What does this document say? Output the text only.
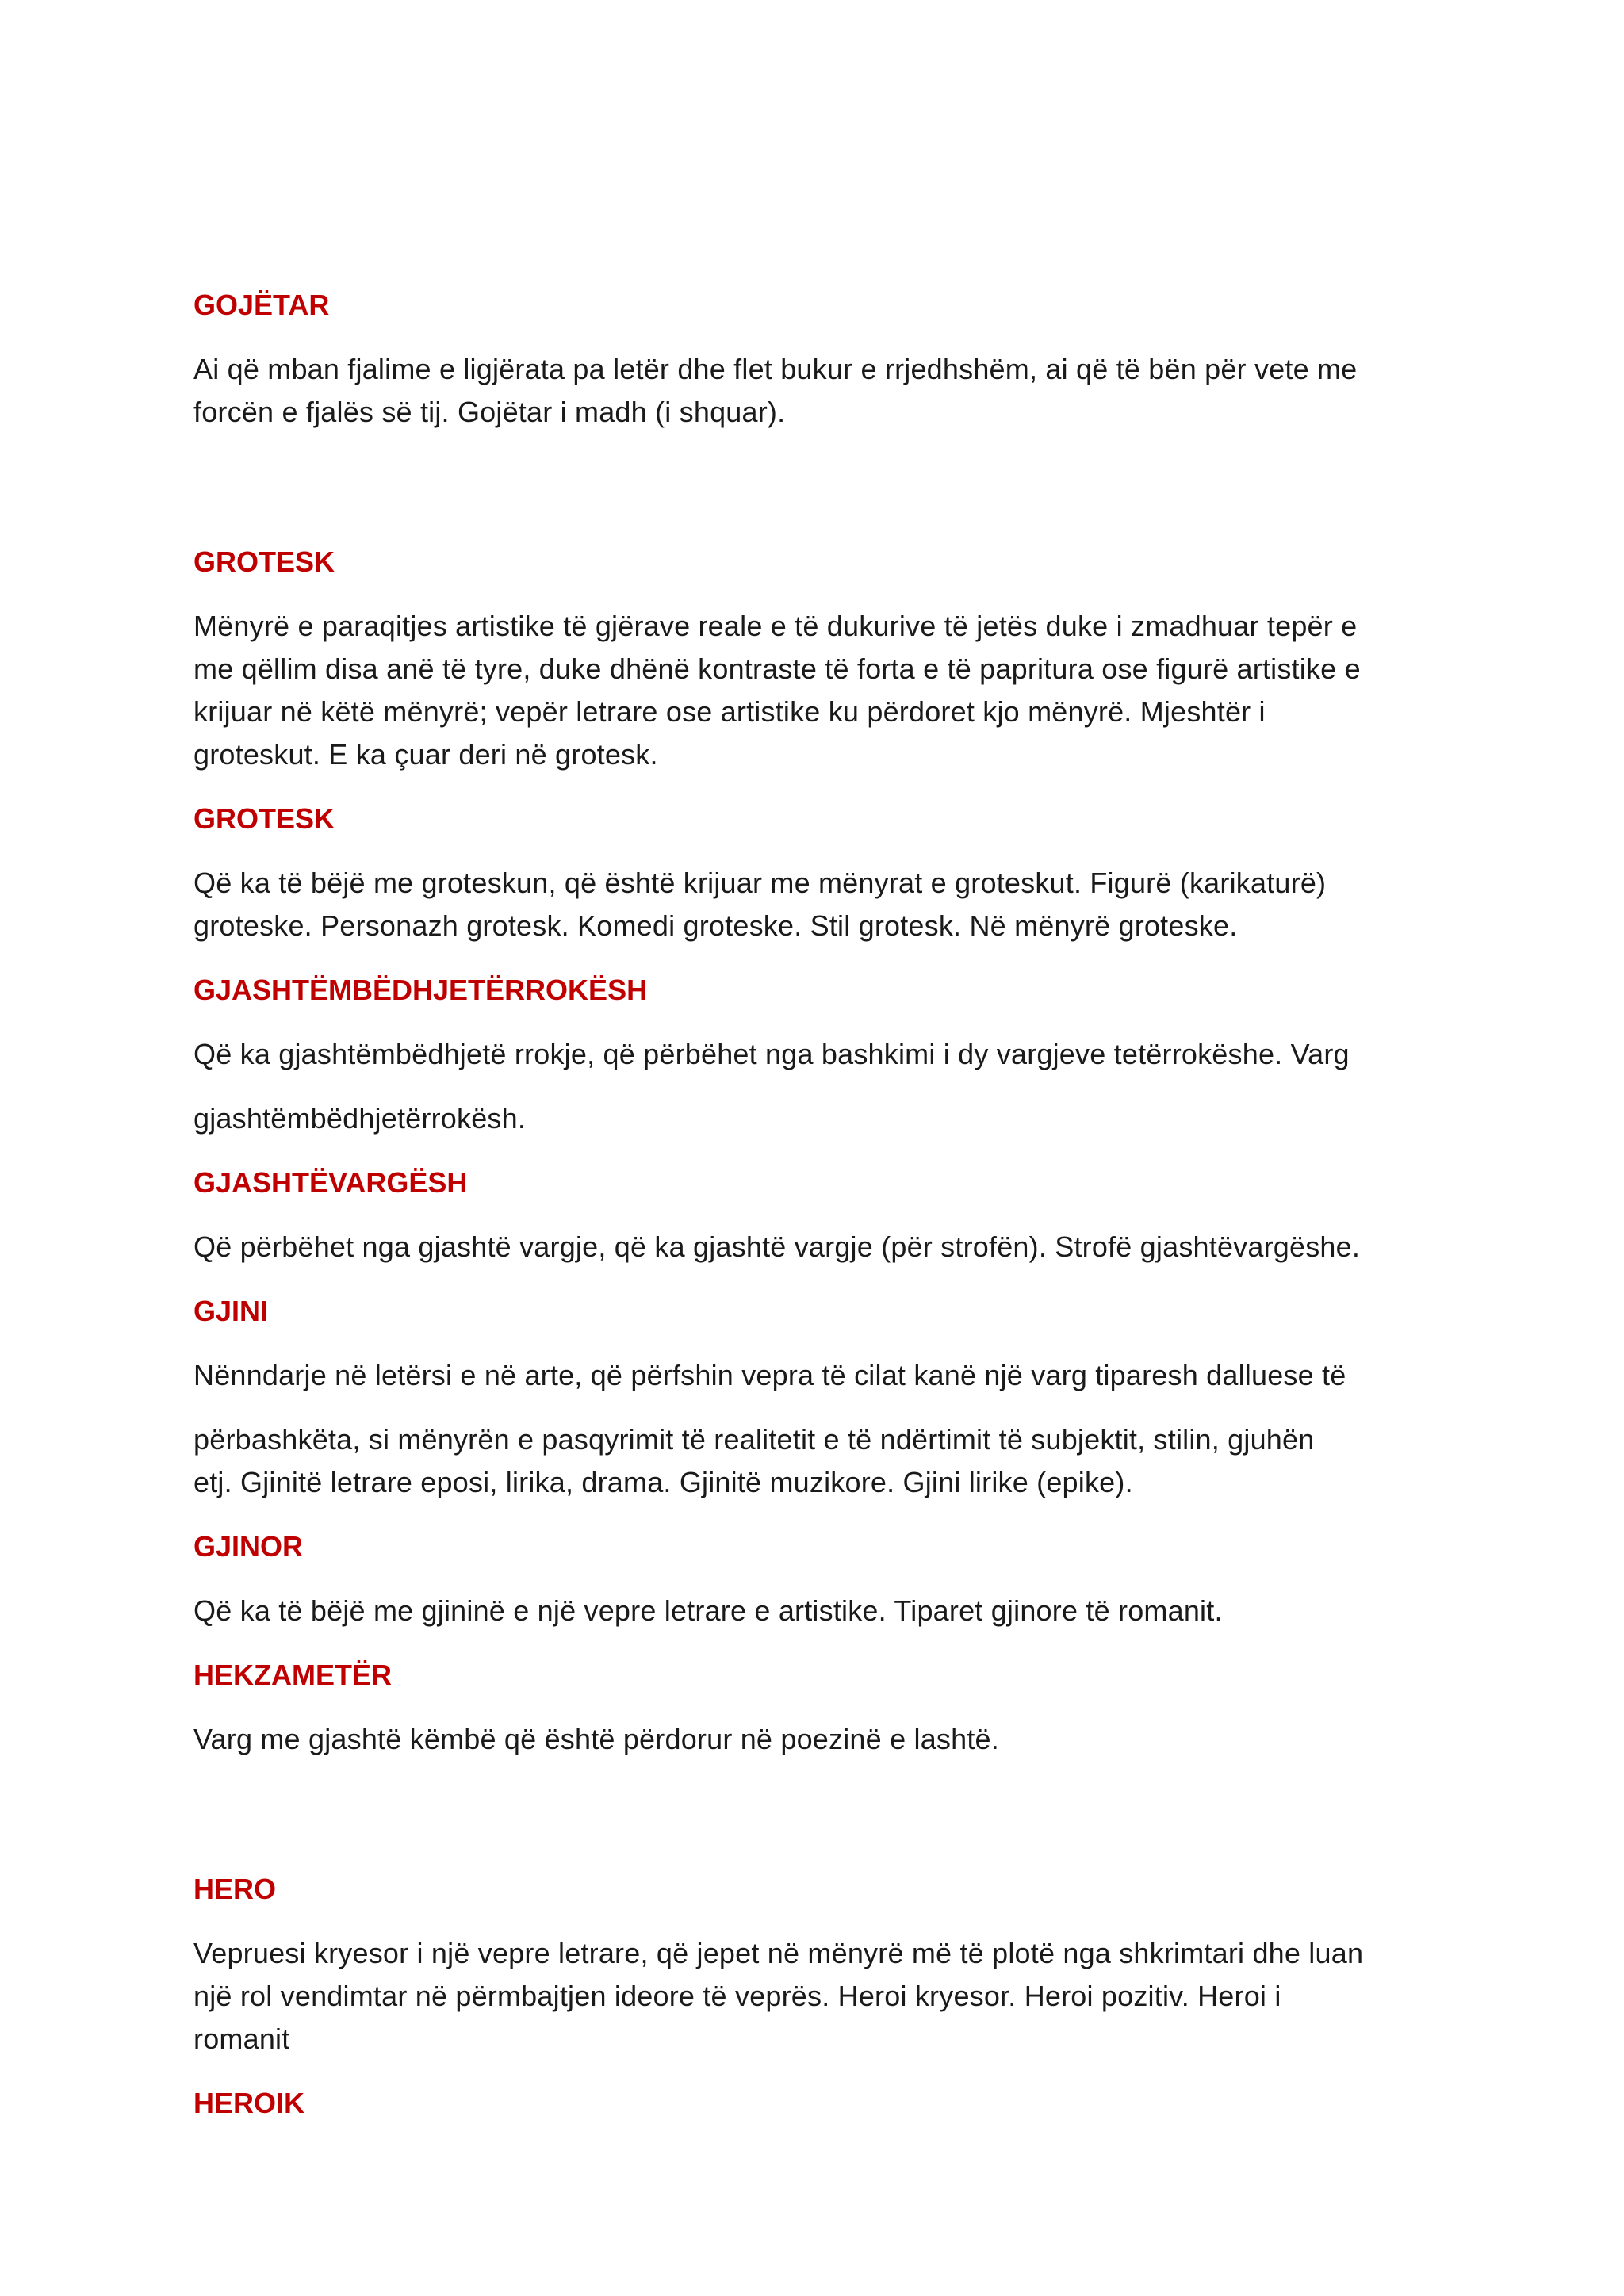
GOJËTAR

Ai që mban fjalime e ligjërata pa letër dhe flet bukur e rrjedhshëm, ai që të bën për vete me

forcën e fjalës së tij. Gojëtar i madh (i shquar).

GROTESK

Mënyrë e paraqitjes artistike të gjërave reale e të dukurive të jetës duke i zmadhuar tepër e

me qëllim disa anë të tyre, duke dhënë kontraste të forta e të papritura ose figurë artistike e

krijuar në këtë mënyrë; vepër letrare ose artistike ku përdoret kjo mënyrë. Mjeshtër i

groteskut. E ka çuar deri në grotesk.

GROTESK

Që ka të bëjë me groteskun, që është krijuar me mënyrat e groteskut. Figurë (karikaturë)

groteske. Personazh grotesk. Komedi groteske. Stil grotesk. Në mënyrë groteske.

GJASHTËMBËDHJETËRROKËSH

Që ka gjashtëmbëdhjetë rrokje, që përbëhet nga bashkimi i dy vargjeve tetërrokëshe. Varg

gjashtëmbëdhjetërrokësh.

GJASHTËVARGËSH

Që përbëhet nga gjashtë vargje, që ka gjashtë vargje (për strofën). Strofë gjashtëvargëshe.

GJINI

Nënndarje në letërsi e në arte, që përfshin vepra të cilat kanë një varg tiparesh dalluese të

përbashkëta, si mënyrën e pasqyrimit të realitetit e të ndërtimit të subjektit, stilin, gjuhën

etj. Gjinitë letrare eposi, lirika, drama. Gjinitë muzikore. Gjini lirike (epike).

GJINOR

Që ka të bëjë me gjininë e një vepre letrare e artistike. Tiparet gjinore të romanit.

HEKZAMETËR

Varg me gjashtë këmbë që është përdorur në poezinë e lashtë.

HERO

Vepruesi kryesor i një vepre letrare, që jepet në mënyrë më të plotë nga shkrimtari dhe luan

një rol vendimtar në përmbajtjen ideore të veprës. Heroi kryesor. Heroi pozitiv. Heroi i

romanit

HEROIK
